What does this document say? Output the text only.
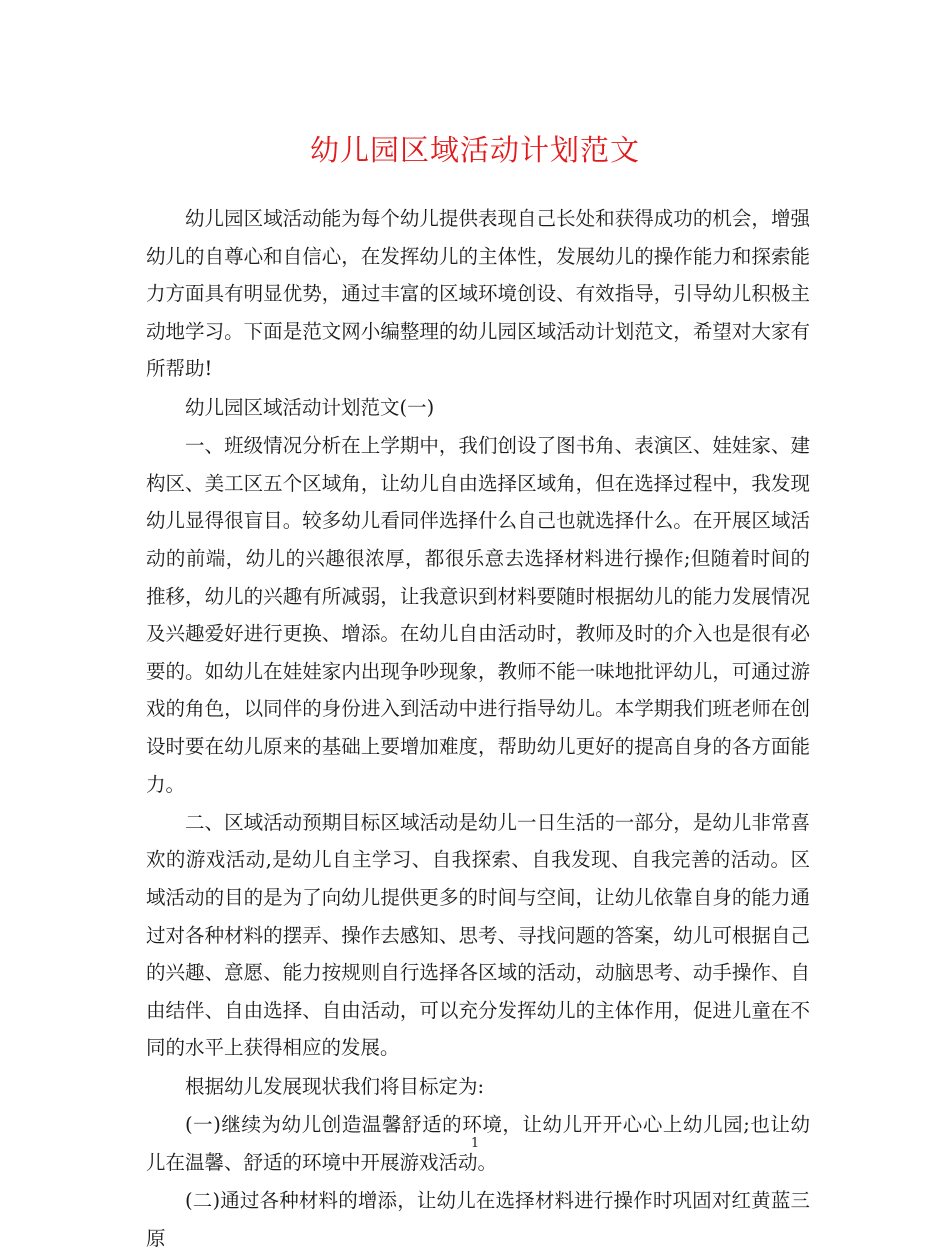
幼儿园区域活动计划范文

幼儿园区域活动能为每个幼儿提供表现自己长处和获得成功的机会，增强幼儿的自尊心和自信心，在发挥幼儿的主体性，发展幼儿的操作能力和探索能力方面具有明显优势，通过丰富的区域环境创设、有效指导，引导幼儿积极主动地学习。下面是范文网小编整理的幼儿园区域活动计划范文，希望对大家有所帮助!

幼儿园区域活动计划范文(一)

一、班级情况分析在上学期中，我们创设了图书角、表演区、娃娃家、建构区、美工区五个区域角，让幼儿自由选择区域角，但在选择过程中，我发现幼儿显得很盲目。较多幼儿看同伴选择什么自己也就选择什么。在开展区域活动的前端，幼儿的兴趣很浓厚，都很乐意去选择材料进行操作;但随着时间的推移，幼儿的兴趣有所减弱，让我意识到材料要随时根据幼儿的能力发展情况及兴趣爱好进行更换、增添。在幼儿自由活动时，教师及时的介入也是很有必要的。如幼儿在娃娃家内出现争吵现象，教师不能一味地批评幼儿，可通过游戏的角色，以同伴的身份进入到活动中进行指导幼儿。本学期我们班老师在创设时要在幼儿原来的基础上要增加难度，帮助幼儿更好的提高自身的各方面能力。

二、区域活动预期目标区域活动是幼儿一日生活的一部分，是幼儿非常喜欢的游戏活动,是幼儿自主学习、自我探索、自我发现、自我完善的活动。区域活动的目的是为了向幼儿提供更多的时间与空间，让幼儿依靠自身的能力通过对各种材料的摆弄、操作去感知、思考、寻找问题的答案，幼儿可根据自己的兴趣、意愿、能力按规则自行选择各区域的活动，动脑思考、动手操作、自由结伴、自由选择、自由活动，可以充分发挥幼儿的主体作用，促进儿童在不同的水平上获得相应的发展。

根据幼儿发展现状我们将目标定为:

(一)继续为幼儿创造温馨舒适的环境，让幼儿开开心心上幼儿园;也让幼儿在温馨、舒适的环境中开展游戏活动。

(二)通过各种材料的增添，让幼儿在选择材料进行操作时巩固对红黄蓝三原

1
